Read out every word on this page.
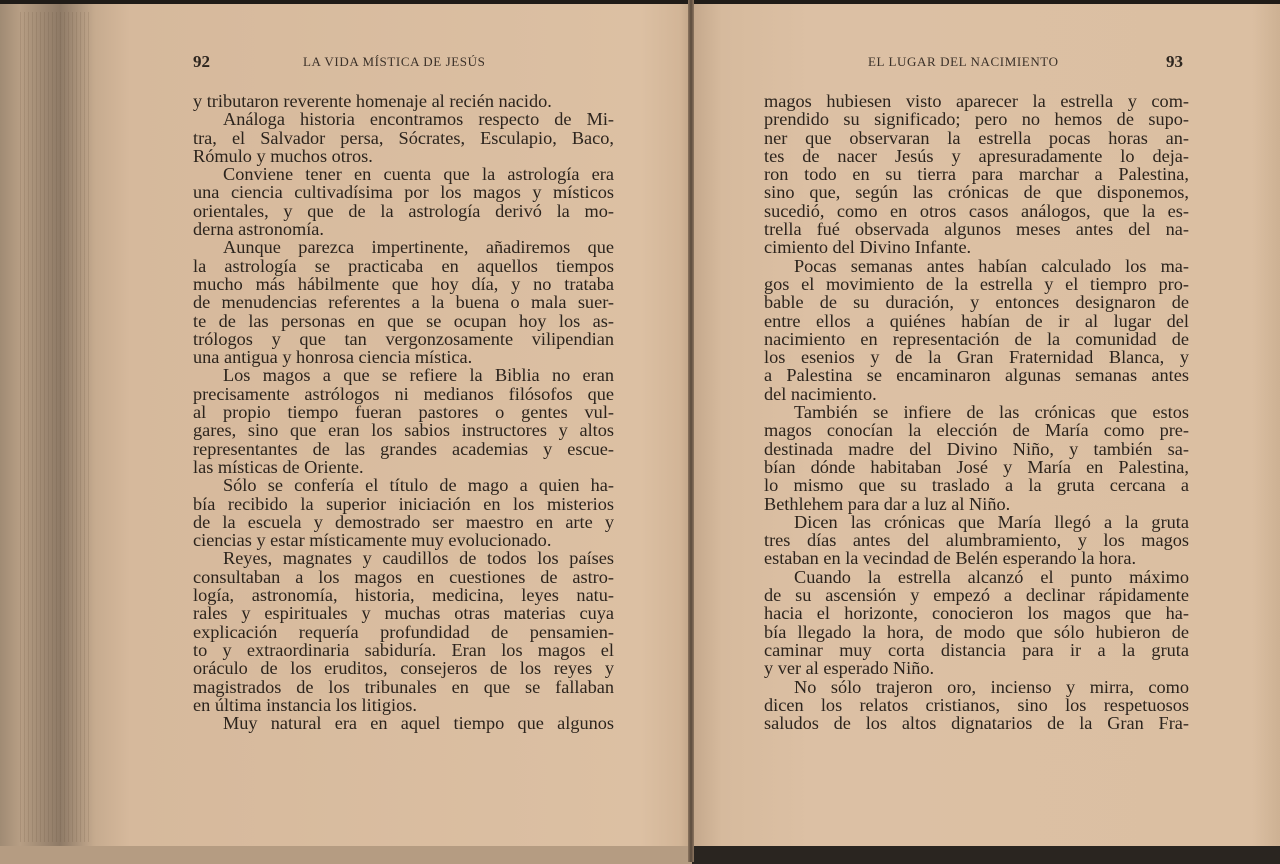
92	LA VIDA MÍSTICA DE JESÚS
y tributaron reverente homenaje al recién nacido.
Análoga historia encontramos respecto de Mi-
tra, el Salvador persa, Sócrates, Esculapio, Baco,
Rómulo y muchos otros.
Conviene tener en cuenta que la astrología era
una ciencia cultivadísima por los magos y místicos
orientales, y que de la astrología derivó la mo-
derna astronomía.
Aunque parezca impertinente, añadiremos que
la astrología se practicaba en aquellos tiempos
mucho más hábilmente que hoy día, y no trataba
de menudencias referentes a la buena o mala suer-
te de las personas en que se ocupan hoy los as-
trólogos y que tan vergonzosamente vilipendian
una antigua y honrosa ciencia mística.
Los magos a que se refiere la Biblia no eran
precisamente astrólogos ni medianos filósofos que
al propio tiempo fueran pastores o gentes vul-
gares, sino que eran los sabios instructores y altos
representantes de las grandes academias y escue-
las místicas de Oriente.
Sólo se confería el título de mago a quien ha-
bía recibido la superior iniciación en los misterios
de la escuela y demostrado ser maestro en arte y
ciencias y estar místicamente muy evolucionado.
Reyes, magnates y caudillos de todos los países
consultaban a los magos en cuestiones de astro-
logía, astronomía, historia, medicina, leyes natu-
rales y espirituales y muchas otras materias cuya
explicación requería profundidad de pensamien-
to y extraordinaria sabiduría. Eran los magos el
oráculo de los eruditos, consejeros de los reyes y
magistrados de los tribunales en que se fallaban
en última instancia los litigios.
Muy natural era en aquel tiempo que algunos
EL LUGAR DEL NACIMIENTO	93
magos hubiesen visto aparecer la estrella y com-
prendido su significado; pero no hemos de supo-
ner que observaran la estrella pocas horas an-
tes de nacer Jesús y apresuradamente lo deja-
ron todo en su tierra para marchar a Palestina,
sino que, según las crónicas de que disponemos,
sucedió, como en otros casos análogos, que la es-
trella fué observada algunos meses antes del na-
cimiento del Divino Infante.
Pocas semanas antes habían calculado los ma-
gos el movimiento de la estrella y el tiempro pro-
bable de su duración, y entonces designaron de
entre ellos a quiénes habían de ir al lugar del
nacimiento en representación de la comunidad de
los esenios y de la Gran Fraternidad Blanca, y
a Palestina se encaminaron algunas semanas antes
del nacimiento.
También se infiere de las crónicas que estos
magos conocían la elección de María como pre-
destinada madre del Divino Niño, y también sa-
bían dónde habitaban José y María en Palestina,
lo mismo que su traslado a la gruta cercana a
Bethlehem para dar a luz al Niño.
Dicen las crónicas que María llegó a la gruta
tres días antes del alumbramiento, y los magos
estaban en la vecindad de Belén esperando la hora.
Cuando la estrella alcanzó el punto máximo
de su ascensión y empezó a declinar rápidamente
hacia el horizonte, conocieron los magos que ha-
bía llegado la hora, de modo que sólo hubieron de
caminar muy corta distancia para ir a la gruta
y ver al esperado Niño.
No sólo trajeron oro, incienso y mirra, como
dicen los relatos cristianos, sino los respetuosos
saludos de los altos dignatarios de la Gran Fra-
